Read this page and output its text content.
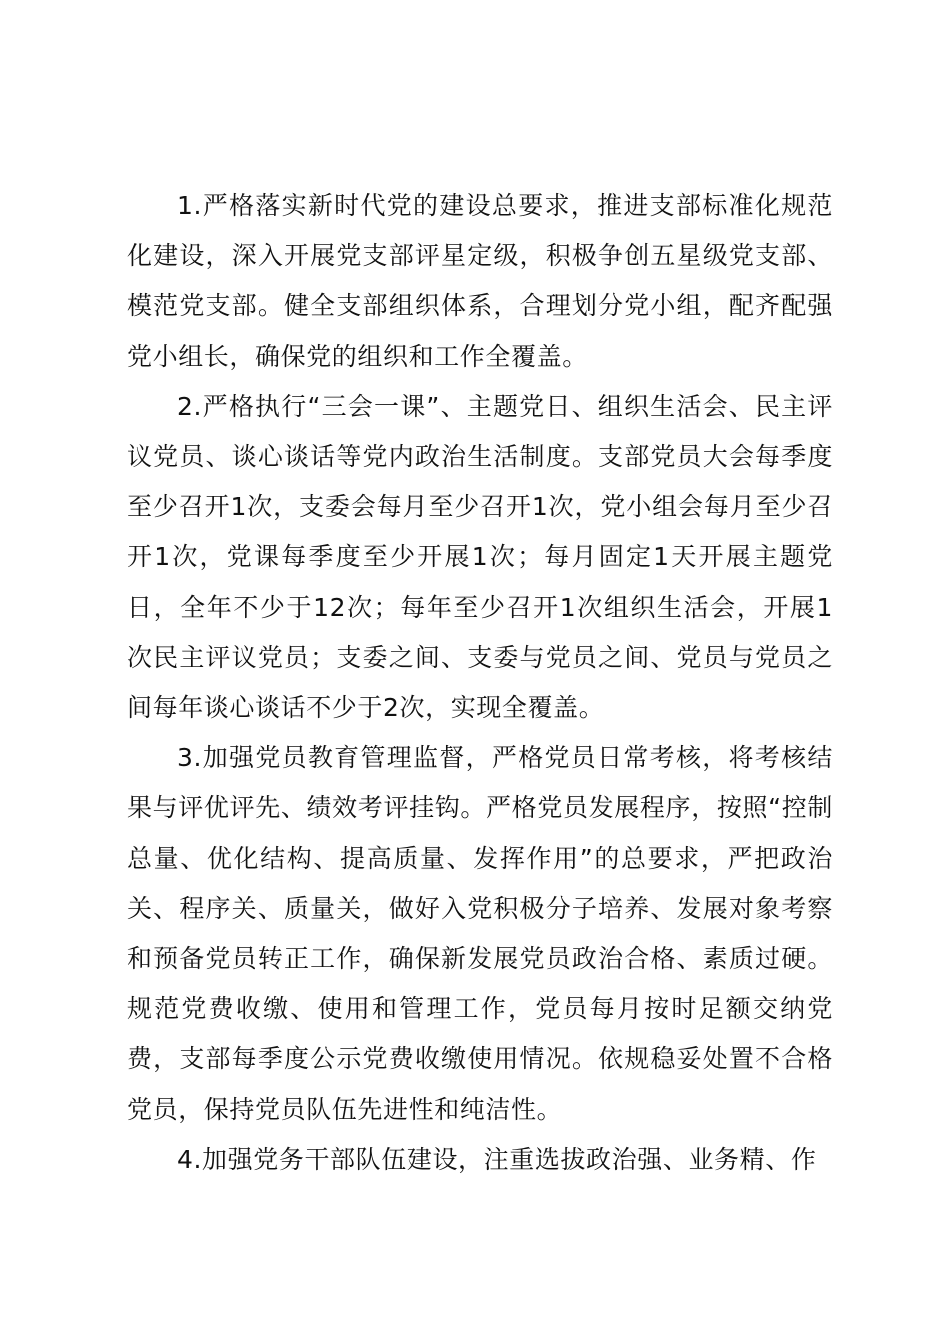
1.严格落实新时代党的建设总要求，推进支部标准化规范化建设，深入开展党支部评星定级，积极争创五星级党支部、模范党支部。健全支部组织体系，合理划分党小组，配齐配强党小组长，确保党的组织和工作全覆盖。

2.严格执行“三会一课”、主题党日、组织生活会、民主评议党员、谈心谈话等党内政治生活制度。支部党员大会每季度至少召开1次，支委会每月至少召开1次，党小组会每月至少召开1次，党课每季度至少开展1次；每月固定1天开展主题党日，全年不少于12次；每年至少召开1次组织生活会，开展1次民主评议党员；支委之间、支委与党员之间、党员与党员之间每年谈心谈话不少于2次，实现全覆盖。

3.加强党员教育管理监督，严格党员日常考核，将考核结果与评优评先、绩效考评挂钩。严格党员发展程序，按照“控制总量、优化结构、提高质量、发挥作用”的总要求，严把政治关、程序关、质量关，做好入党积极分子培养、发展对象考察和预备党员转正工作，确保新发展党员政治合格、素质过硬。规范党费收缴、使用和管理工作，党员每月按时足额交纳党费，支部每季度公示党费收缴使用情况。依规稳妥处置不合格党员，保持党员队伍先进性和纯洁性。

4.加强党务干部队伍建设，注重选拔政治强、业务精、作
